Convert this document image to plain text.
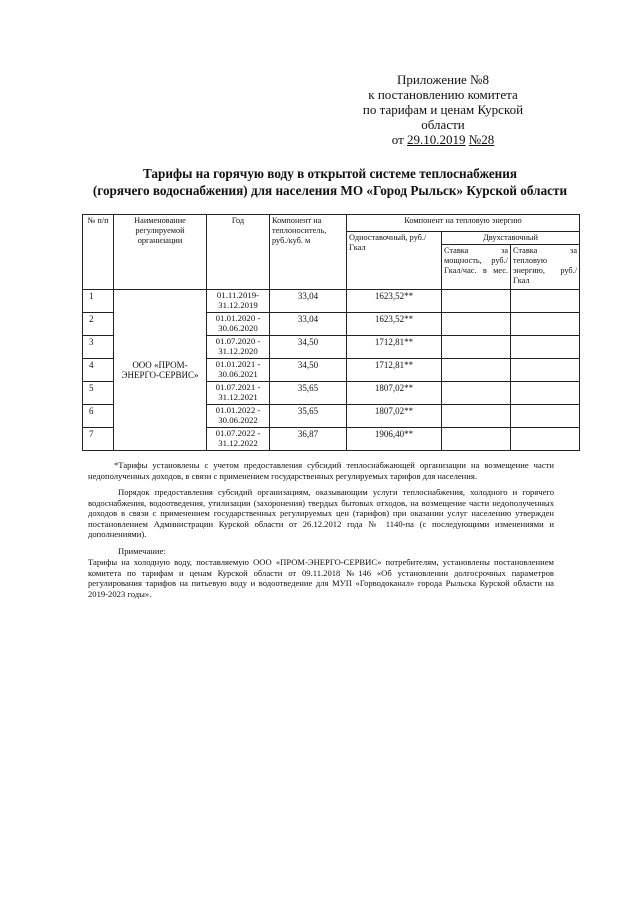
Приложение №8
к постановлению комитета
по тарифам и ценам Курской
области
от 29.10.2019 №28
Тарифы на горячую воду в открытой системе теплоснабжения
(горячего водоснабжения) для населения МО «Город Рыльск» Курской области
№ п/п	Наименование регулируемой организации	Год	Компонент на теплоноситель, руб./куб. м	Компонент на тепловую энергию		
				Одноставочный, руб./Гкал	Двухставочный	

					Ставка за мощность, руб./Гкал/час. в мес.	Ставка за тепловую энергию, руб./Гкал

1	ООО «ПРОМ-ЭНЕРГО-СЕРВИС»	01.11.2019- 31.12.2019	33,04	1623,52**		
2		01.01.2020 - 30.06.2020	33,04	1623,52**		
3		01.07.2020 - 31.12.2020	34,50	1712,81**		
4		01.01.2021 - 30.06.2021	34,50	1712,81**		
5		01.07.2021 - 31.12.2021	35,65	1807,02**		
6		01.01.2022 - 30.06.2022	35,65	1807,02**		
7		01.07.2022 - 31.12.2022	36,87	1906,40**		

*Тарифы установлены с учетом предоставления субсидий теплоснабжающей организации на возмещение части недополученных доходов, в связи с применением государственных регулируемых тарифов для населения.

Порядок предоставления субсидий организациям, оказывающим услуги теплоснабжения, холодного и горячего водоснабжения, водоотведения, утилизации (захоронения) твердых бытовых отходов, на возмещение части недополученных доходов в связи с применением государственных регулируемых цен (тарифов) при оказании услуг населению утвержден постановлением Администрации Курской области от 26.12.2012 года № 1140-па (с последующими изменениями и дополнениями).

Примечание:

Тарифы на холодную воду, поставляемую ООО «ПРОМ-ЭНЕРГО-СЕРВИС» потребителям, установлены постановлением комитета по тарифам и ценам Курской области от 09.11.2018 №146 «Об установлении долгосрочных параметров регулирования тарифов на питьевую воду и водоотведение для МУП «Горводоканал» города Рыльска Курской области на 2019-2023 годы».
